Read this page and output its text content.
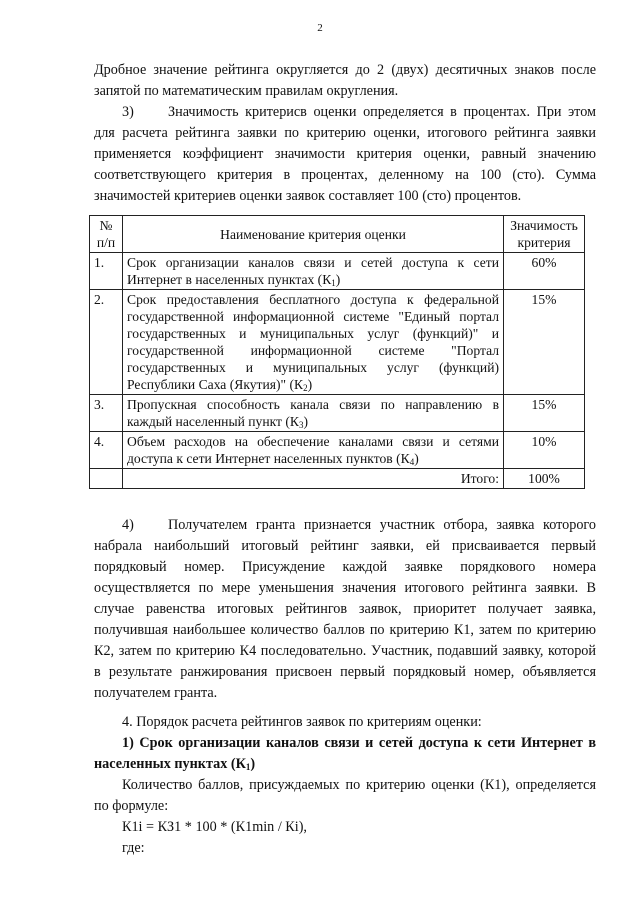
2
Дробное значение рейтинга округляется до 2 (двух) десятичных знаков после запятой по математическим правилам округления.
3) Значимость критерисв оценки определяется в процентах. При этом для расчета рейтинга заявки по критерию оценки, итогового рейтинга заявки применяется коэффициент значимости критерия оценки, равный значению соответствующего критерия в процентах, деленному на 100 (сто). Сумма значимостей критериев оценки заявок составляет 100 (сто) процентов.
№
п/п	Наименование критерия оценки	Значимость критерия
1.	Срок организации каналов связи и сетей доступа к сети Интернет в населенных пунктах $(К_1)$	60%
2.	Срок предоставления бесплатного доступа к федеральной государственной информационной системе "Единый портал государственных и муниципальных услуг (функций)" и государственной информационной системе "Портал государственных и муниципальных услуг (функций) Республики Саха (Якутия)" $(К_2)$	15%
3.	Пропускная способность канала связи по направлению в каждый населенный пункт $(К_3)$	15%
4.	Объем расходов на обеспечение каналами связи и сетями доступа к сети Интернет населенных пунктов $(К_4)$	10%
	Итого:	100%
4) Получателем гранта признается участник отбора, заявка которого набрала наибольший итоговый рейтинг заявки, ей присваивается первый порядковый номер. Присуждение каждой заявке порядкового номера осуществляется по мере уменьшения значения итогового рейтинга заявки. В случае равенства итоговых рейтингов заявок, приоритет получает заявка, получившая наибольшее количество баллов по критерию К1, затем по критерию К2, затем по критерию К4 последовательно. Участник, подавший заявку, которой в результате ранжирования присвоен первый порядковый номер, объявляется получателем гранта.
4. Порядок расчета рейтингов заявок по критериям оценки:
1) Срок организации каналов связи и сетей доступа к сети Интернет в населенных пунктах $(К_1)$
Количество баллов, присуждаемых по критерию оценки (К1), определяется по формуле:
К1i = КЗ1 * 100 * (К1min / Кi),
где:
